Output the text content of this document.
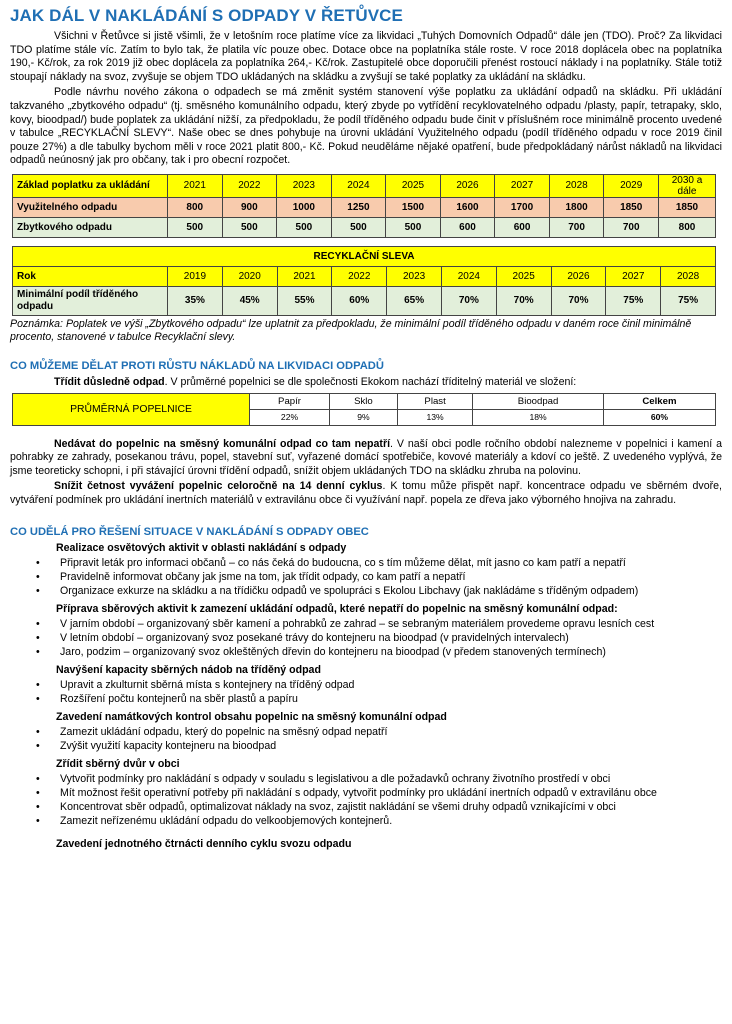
JAK DÁL V NAKLÁDÁNÍ S ODPADY V ŘETŮVCE

Všichni v Řetůvce si jistě všimli, že v letošním roce platíme více za likvidaci „Tuhých Domovních Odpadů“ dále jen (TDO). Proč? Za likvidaci TDO platíme stále víc. Zatím to bylo tak, že platila víc pouze obec. Dotace obce na poplatníka stále roste. V roce 2018 doplácela obec na poplatníka 190,- Kč/rok, za rok 2019 již obec doplácela za poplatníka 264,- Kč/rok. Zastupitelé obce doporučili přenést rostoucí náklady i na poplatníky. Stále totiž stoupají náklady na svoz, zvyšuje se objem TDO ukládaných na skládku a zvyšují se také poplatky za ukládání na skládku.

Podle návrhu nového zákona o odpadech se má změnit systém stanovení výše poplatku za ukládání odpadů na skládku. Při ukládání takzvaného „zbytkového odpadu“ (tj. směsného komunálního odpadu, který zbyde po vytřídění recyklovatelného odpadu /plasty, papír, tetrapaky, sklo, kovy, bioodpad/) bude poplatek za ukládání nižší, za předpokladu, že podíl tříděného odpadu bude činit v příslušném roce minimálně procento uvedené v tabulce „RECYKLAČNÍ SLEVY“. Naše obec se dnes pohybuje na úrovni ukládání Využitelného odpadu (podíl tříděného odpadu v roce 2019 činil pouze 27%) a dle tabulky bychom měli v roce 2021 platit 800,- Kč. Pokud neuděláme nějaké opatření, bude předpokládaný nárůst nákladů na likvidaci odpadů neúnosný jak pro občany, tak i pro obecní rozpočet.

Základ poplatku za ukládání	2021	2022	2023	2024	2025	2026	2027	2028	2029	2030 a dále
Využitelného odpadu	800	900	1000	1250	1500	1600	1700	1800	1850	1850
Zbytkového odpadu	500	500	500	500	500	600	600	700	700	800
RECYKLAČNÍ SLEVA										
Rok	2019	2020	2021	2022	2023	2024	2025	2026	2027	2028
Minimální podíl tříděného odpadu	35%	45%	55%	60%	65%	70%	70%	70%	75%	75%

Poznámka: Poplatek ve výši „Zbytkového odpadu“ lze uplatnit za předpokladu, že minimální podíl tříděného odpadu v daném roce činil minimálně procento, stanovené v tabulce Recyklační slevy.

CO MŮŽEME DĚLAT PROTI RŮSTU NÁKLADŮ NA LIKVIDACI ODPADŮ

Třídit důsledně odpad. V průměrné popelnici se dle společnosti Ekokom nachází tříditelný materiál ve složení:

PRŮMĚRNÁ POPELNICE	Papír	Sklo	Plast	Bioodpad	Celkem
	22%	9%	13%	18%	60%

Nedávat do popelnic na směsný komunální odpad co tam nepatří. V naší obci podle ročního období nalezneme v popelnici i kamení a pohrabky ze zahrady, posekanou trávu, popel, stavební suť, vyřazené domácí spotřebiče, kovové materiály a kdoví co ještě. Z uvedeného vyplývá, že jsme teoreticky schopni, i při stávající úrovni třídění odpadů, snížit objem ukládaných TDO na skládku zhruba na polovinu.

Snížit četnost vyvážení popelnic celoročně na 14 denní cyklus. K tomu může přispět např. koncentrace odpadu ve sběrném dvoře, vytváření podmínek pro ukládání inertních materiálů v extravilánu obce či využívání např. popela ze dřeva jako výborného hnojiva na zahradu.

CO UDĚLÁ PRO ŘEŠENÍ SITUACE V NAKLÁDÁNÍ S ODPADY OBEC
Realizace osvětových aktivit v oblasti nakládání s odpady
• Připravit leták pro informaci občanů – co nás čeká do budoucna, co s tím můžeme dělat, mít jasno co kam patří a nepatří
• Pravidelně informovat občany jak jsme na tom, jak třídit odpady, co kam patří a nepatří
• Organizace exkurze na skládku a na třídičku odpadů ve spolupráci s Ekolou Libchavy (jak nakládáme s tříděným odpadem)
Příprava sběrových aktivit k zamezení ukládání odpadů, které nepatří do popelnic na směsný komunální odpad:
• V jarním období – organizovaný sběr kamení a pohrabků ze zahrad – se sebraným materiálem provedeme opravu lesních cest
• V letním období – organizovaný svoz posekané trávy do kontejneru na bioodpad (v pravidelných intervalech)
• Jaro, podzim – organizovaný svoz okleštěných dřevin do kontejneru na bioodpad (v předem stanovených termínech)
Navýšení kapacity sběrných nádob na tříděný odpad
• Upravit a zkulturnit sběrná místa s kontejnery na tříděný odpad
• Rozšíření počtu kontejnerů na sběr plastů a papíru
Zavedení namátkových kontrol obsahu popelnic na směsný komunální odpad
• Zamezit ukládání odpadu, který do popelnic na směsný odpad nepatří
• Zvýšit využití kapacity kontejneru na bioodpad
Zřídit sběrný dvůr v obci
• Vytvořit podmínky pro nakládání s odpady v souladu s legislativou a dle požadavků ochrany životního prostředí v obci
• Mít možnost řešit operativní potřeby při nakládání s odpady, vytvořit podmínky pro ukládání inertních odpadů v extravilánu obce
• Koncentrovat sběr odpadů, optimalizovat náklady na svoz, zajistit nakládání se všemi druhy odpadů vznikajícími v obci
• Zamezit neřízenému ukládání odpadu do velkoobjemových kontejnerů.
Zavedení jednotného čtrnácti denního cyklu svozu odpadu
